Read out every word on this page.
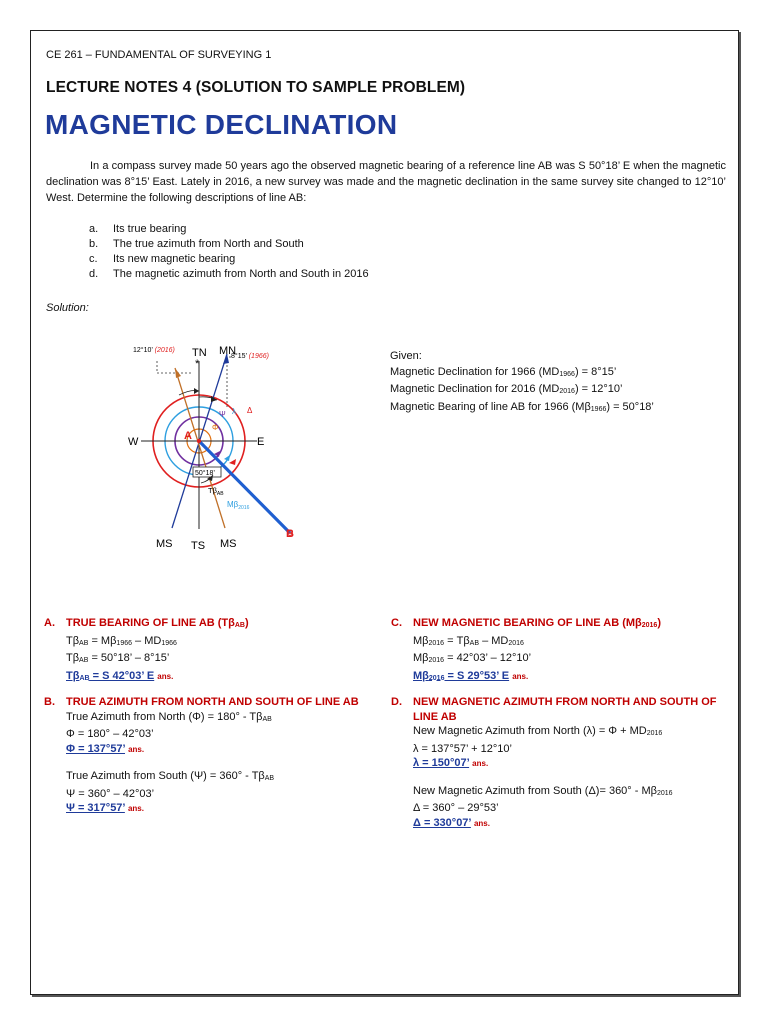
CE 261 – FUNDAMENTAL OF SURVEYING 1
LECTURE NOTES 4 (SOLUTION TO SAMPLE PROBLEM)
MAGNETIC DECLINATION
In a compass survey made 50 years ago the observed magnetic bearing of a reference line AB was S 50°18’ E when the magnetic declination was 8°15’ East. Lately in 2016, a new survey was made and the magnetic declination in the same survey site changed to 12°10’ West. Determine the following descriptions of line AB:
a.	Its true bearing
b.	The true azimuth from North and South
c.	Its new magnetic bearing
d.	The magnetic azimuth from North and South in 2016
Solution:
TN
*
MN
W	E
A
B
MS TS MS
12°10’ (2016)
8°15’ (1966)
50°18’
$T\beta_{AB}$
$M\beta_{2016}$
Ψ λ
Φ
Δ
Given:
Magnetic Declination for 1966 (MD1966) = 8°15’
Magnetic Declination for 2016 (MD2016) = 12°10’
Magnetic Bearing of line AB for 1966 (Mβ1966) = 50°18’
A.	TRUE BEARING OF LINE AB (TβAB)
TβAB = Mβ1966 – MD1966
TβAB = 50°18’ – 8°15’
TβAB = S 42°03’ E ans.
B.	TRUE AZIMUTH FROM NORTH AND SOUTH OF LINE AB
True Azimuth from North (Φ) = 180° - TβAB
Φ = 180° – 42°03’
Φ = 137°57’ ans.
True Azimuth from South (Ψ) = 360° - TβAB
Ψ = 360° – 42°03’
Ψ = 317°57’ ans.
C.	NEW MAGNETIC BEARING OF LINE AB (Mβ2016)
Mβ2016 = TβAB – MD2016
Mβ2016 = 42°03’ – 12°10’
Mβ2016 = S 29°53’ E ans.
D.	NEW MAGNETIC AZIMUTH FROM NORTH AND SOUTH OF
LINE AB
New Magnetic Azimuth from North (λ) = Φ + MD2016
λ = 137°57’ + 12°10’
λ = 150°07’ ans.
New Magnetic Azimuth from South (Δ)= 360° - Mβ2016
Δ = 360° – 29°53’
Δ = 330°07’ ans.
